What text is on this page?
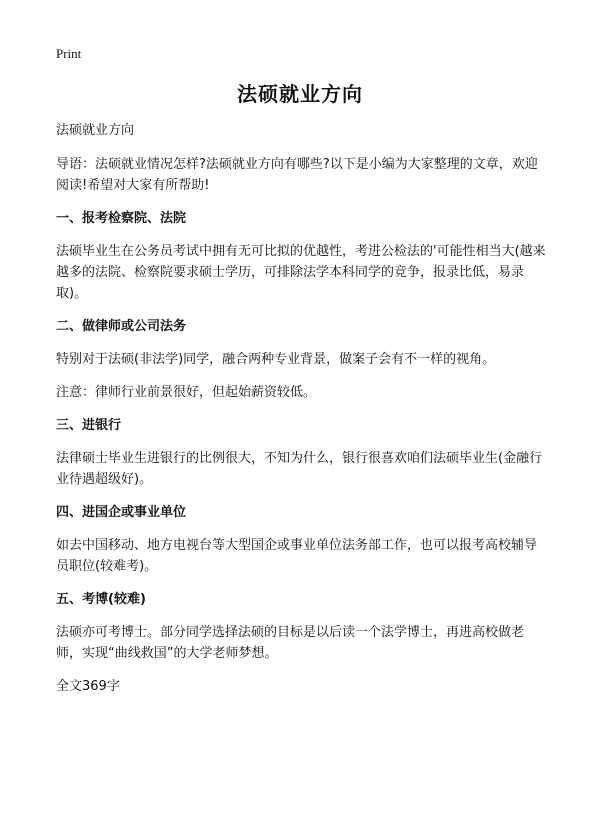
Print
法硕就业方向

法硕就业方向

导语：法硕就业情况怎样?法硕就业方向有哪些?以下是小编为大家整理的文章，欢迎阅读!希望对大家有所帮助!

一、报考检察院、法院

法硕毕业生在公务员考试中拥有无可比拟的优越性，考进公检法的'可能性相当大(越来越多的法院、检察院要求硕士学历，可排除法学本科同学的竞争，报录比低，易录取)。

二、做律师或公司法务

特别对于法硕(非法学)同学，融合两种专业背景，做案子会有不一样的视角。

注意：律师行业前景很好，但起始薪资较低。

三、进银行

法律硕士毕业生进银行的比例很大，不知为什么，银行很喜欢咱们法硕毕业生(金融行业待遇超级好)。

四、进国企或事业单位

如去中国移动、地方电视台等大型国企或事业单位法务部工作，也可以报考高校辅导员职位(较难考)。

五、考博(较难)

法硕亦可考博士。部分同学选择法硕的目标是以后读一个法学博士，再进高校做老师，实现“曲线救国”的大学老师梦想。

全文369字
